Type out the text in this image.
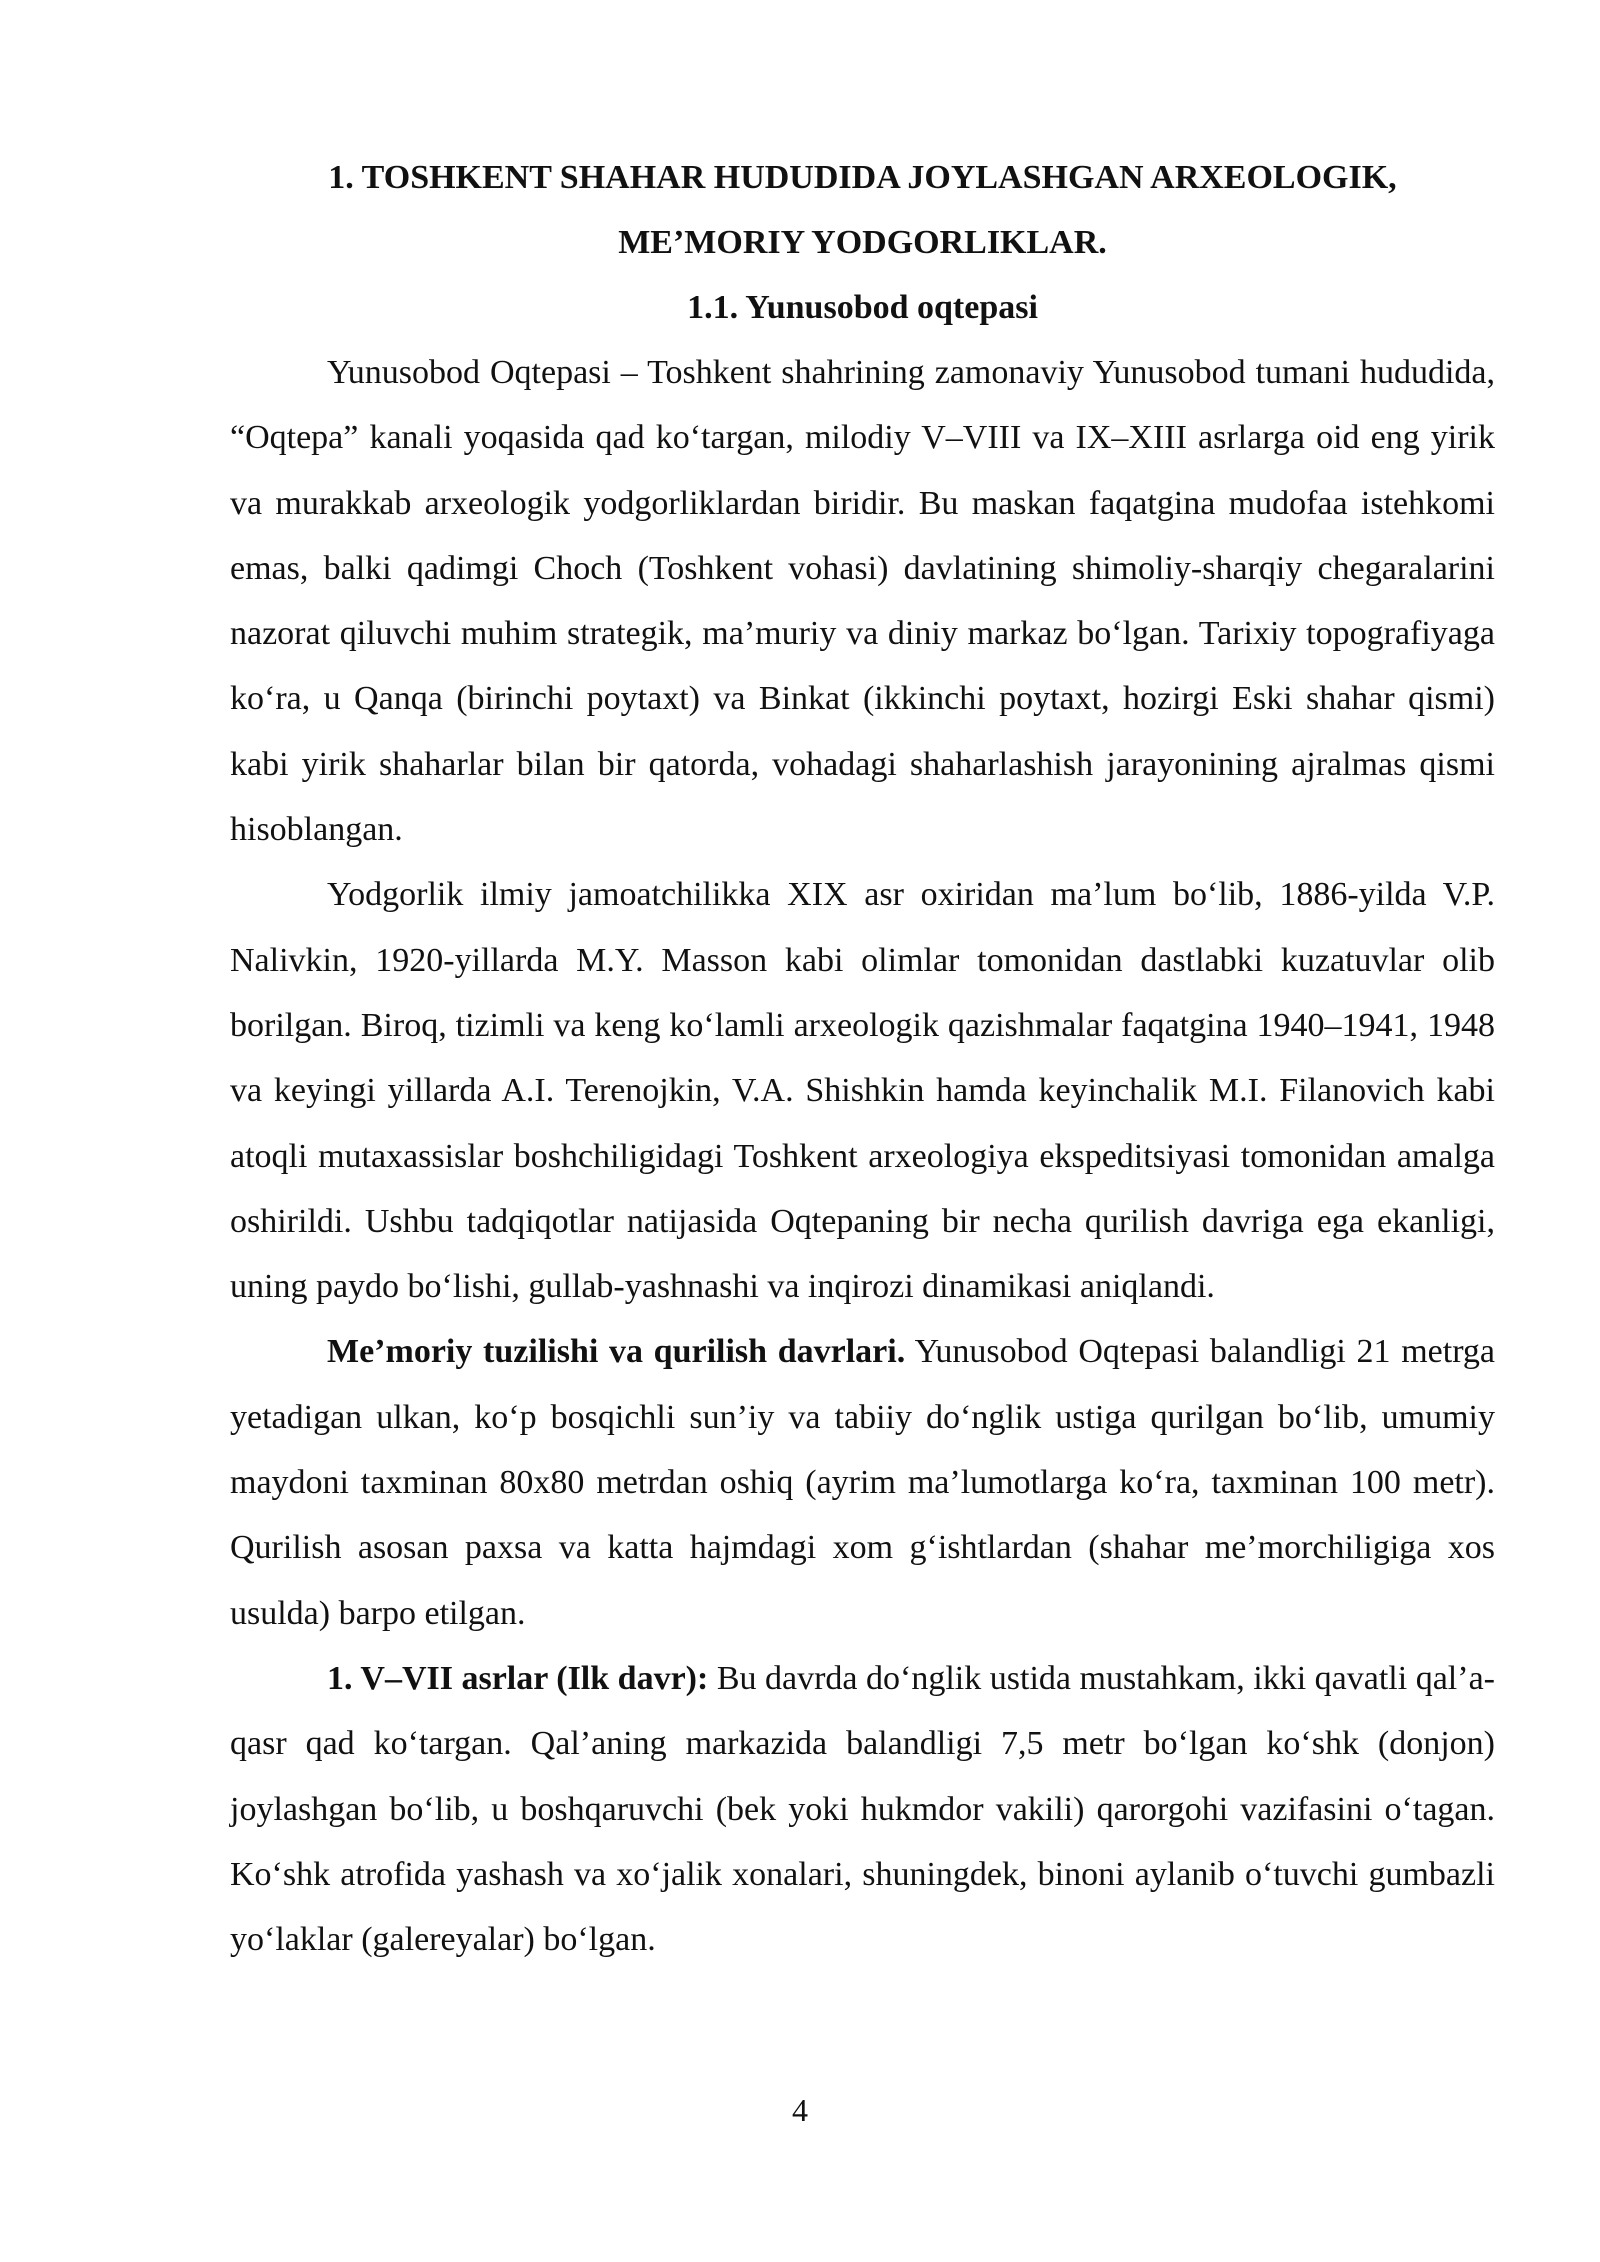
1. TOSHKENT SHAHAR HUDUDIDA JOYLASHGAN ARXEOLOGIK,

ME’MORIY YODGORLIKLAR.

1.1. Yunusobod oqtepasi

Yunusobod Oqtepasi – Toshkent shahrining zamonaviy Yunusobod tumani hududida, “Oqtepa” kanali yoqasida qad ko‘targan, milodiy V–VIII va IX–XIII asrlarga oid eng yirik va murakkab arxeologik yodgorliklardan biridir. Bu maskan faqatgina mudofaa istehkomi emas, balki qadimgi Choch (Toshkent vohasi) davlatining shimoliy-sharqiy chegaralarini nazorat qiluvchi muhim strategik, ma’muriy va diniy markaz bo‘lgan. Tarixiy topografiyaga ko‘ra, u Qanqa (birinchi poytaxt) va Binkat (ikkinchi poytaxt, hozirgi Eski shahar qismi) kabi yirik shaharlar bilan bir qatorda, vohadagi shaharlashish jarayonining ajralmas qismi hisoblangan.

Yodgorlik ilmiy jamoatchilikka XIX asr oxiridan ma’lum bo‘lib, 1886-yilda V.P. Nalivkin, 1920-yillarda M.Y. Masson kabi olimlar tomonidan dastlabki kuzatuvlar olib borilgan. Biroq, tizimli va keng ko‘lamli arxeologik qazishmalar faqatgina 1940–1941, 1948 va keyingi yillarda A.I. Terenojkin, V.A. Shishkin hamda keyinchalik M.I. Filanovich kabi atoqli mutaxassislar boshchiligidagi Toshkent arxeologiya ekspeditsiyasi tomonidan amalga oshirildi. Ushbu tadqiqotlar natijasida Oqtepaning bir necha qurilish davriga ega ekanligi, uning paydo bo‘lishi, gullab-yashnashi va inqirozi dinamikasi aniqlandi.

Me’moriy tuzilishi va qurilish davrlari. Yunusobod Oqtepasi balandligi 21 metrga yetadigan ulkan, ko‘p bosqichli sun’iy va tabiiy do‘nglik ustiga qurilgan bo‘lib, umumiy maydoni taxminan 80x80 metrdan oshiq (ayrim ma’lumotlarga ko‘ra, taxminan 100 metr). Qurilish asosan paxsa va katta hajmdagi xom g‘ishtlardan (shahar me’morchiligiga xos usulda) barpo etilgan.

1. V–VII asrlar (Ilk davr): Bu davrda do‘nglik ustida mustahkam, ikki qavatli qal’a-qasr qad ko‘targan. Qal’aning markazida balandligi 7,5 metr bo‘lgan ko‘shk (donjon) joylashgan bo‘lib, u boshqaruvchi (bek yoki hukmdor vakili) qarorgohi vazifasini o‘tagan. Ko‘shk atrofida yashash va xo‘jalik xonalari, shuningdek, binoni aylanib o‘tuvchi gumbazli yo‘laklar (galereyalar) bo‘lgan.

4
